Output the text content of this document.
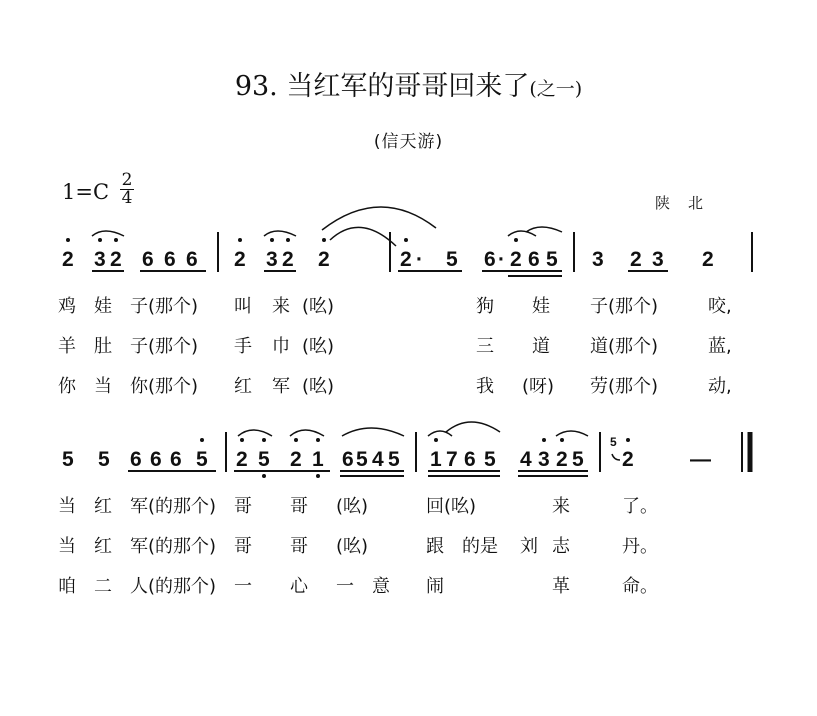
93. 当红军的哥哥回来了(之一)
(信天游)
1=C 2
4	陕北
2 3 2 6 6 6 2 3 2 2	2 · 5 6 · 2 6 5 3 2 3 2
鸡 娃 子(那个) 叫 来 (吆)	狗 娃 子(那个)	咬,
羊 肚 子(那个) 手 巾 (吆)	三 道 道(那个)	蓝,
你 当 你(那个) 红 军 (吆)	我 (呀) 劳(那个)	动,
5 5 6 6 6 5 2 5 2 1 6 5 4 5 1 7 6 5 4 3 2 5
5
2	—
当 红 军(的那个) 哥 哥 (吆)	回(吆)	来	了。
当 红 军(的那个) 哥 哥 (吆)	跟 的是 刘 志	丹。
咱 二 人(的那个) 一 心 一 意 闹	革	命。
